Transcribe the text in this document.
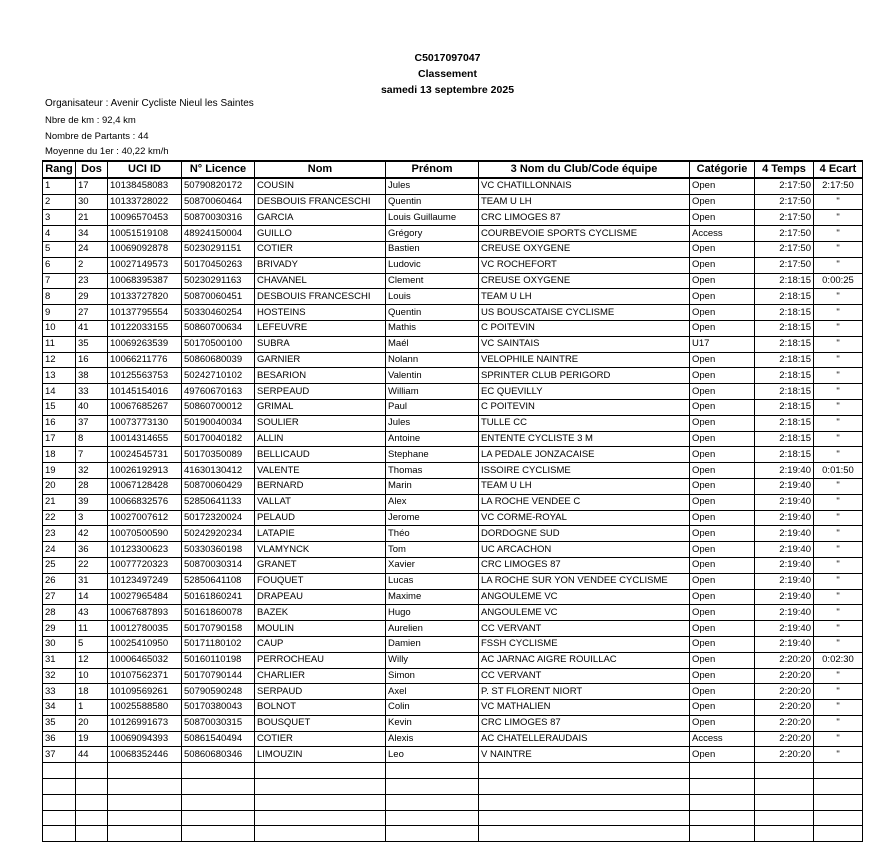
C5017097047
Classement
samedi 13 septembre 2025
Organisateur : Avenir Cycliste Nieul les Saintes
Nbre de km : 92,4 km
Nombre de Partants : 44
Moyenne du 1er : 40,22 km/h
Rang	Dos	UCI ID	N° Licence	Nom	Prénom	3 Nom du Club/Code équipe	Catégorie	4 Temps	4 Ecart
1	17	10138458083	50790820172	COUSIN	Jules	VC CHATILLONNAIS	Open	2:17:50	2:17:50
2	30	10133728022	50870060464	DESBOUIS FRANCESCHI	Quentin	TEAM U LH	Open	2:17:50	"
3	21	10096570453	50870030316	GARCIA	Louis Guillaume	CRC LIMOGES 87	Open	2:17:50	"
4	34	10051519108	48924150004	GUILLO	Grégory	COURBEVOIE SPORTS CYCLISME	Access	2:17:50	"
5	24	10069092878	50230291151	COTIER	Bastien	CREUSE OXYGENE	Open	2:17:50	"
6	2	10027149573	50170450263	BRIVADY	Ludovic	VC ROCHEFORT	Open	2:17:50	"
7	23	10068395387	50230291163	CHAVANEL	Clement	CREUSE OXYGENE	Open	2:18:15	0:00:25
8	29	10133727820	50870060451	DESBOUIS FRANCESCHI	Louis	TEAM U LH	Open	2:18:15	"
9	27	10137795554	50330460254	HOSTEINS	Quentin	US BOUSCATAISE CYCLISME	Open	2:18:15	"
10	41	10122033155	50860700634	LEFEUVRE	Mathis	C POITEVIN	Open	2:18:15	"
11	35	10069263539	50170500100	SUBRA	Maél	VC SAINTAIS	U17	2:18:15	"
12	16	10066211776	50860680039	GARNIER	Nolann	VELOPHILE NAINTRE	Open	2:18:15	"
13	38	10125563753	50242710102	BESARION	Valentin	SPRINTER CLUB PERIGORD	Open	2:18:15	"
14	33	10145154016	49760670163	SERPEAUD	William	EC QUEVILLY	Open	2:18:15	"
15	40	10067685267	50860700012	GRIMAL	Paul	C POITEVIN	Open	2:18:15	"
16	37	10073773130	50190040034	SOULIER	Jules	TULLE CC	Open	2:18:15	"
17	8	10014314655	50170040182	ALLIN	Antoine	ENTENTE CYCLISTE 3 M	Open	2:18:15	"
18	7	10024545731	50170350089	BELLICAUD	Stephane	LA PEDALE JONZACAISE	Open	2:18:15	"
19	32	10026192913	41630130412	VALENTE	Thomas	ISSOIRE CYCLISME	Open	2:19:40	0:01:50
20	28	10067128428	50870060429	BERNARD	Marin	TEAM U LH	Open	2:19:40	"
21	39	10066832576	52850641133	VALLAT	Alex	LA ROCHE VENDEE C	Open	2:19:40	"
22	3	10027007612	50172320024	PELAUD	Jerome	VC CORME-ROYAL	Open	2:19:40	"
23	42	10070500590	50242920234	LATAPIE	Théo	DORDOGNE SUD	Open	2:19:40	"
24	36	10123300623	50330360198	VLAMYNCK	Tom	UC ARCACHON	Open	2:19:40	"
25	22	10077720323	50870030314	GRANET	Xavier	CRC LIMOGES 87	Open	2:19:40	"
26	31	10123497249	52850641108	FOUQUET	Lucas	LA ROCHE SUR YON VENDEE CYCLISME	Open	2:19:40	"
27	14	10027965484	50161860241	DRAPEAU	Maxime	ANGOULEME VC	Open	2:19:40	"
28	43	10067687893	50161860078	BAZEK	Hugo	ANGOULEME VC	Open	2:19:40	"
29	11	10012780035	50170790158	MOULIN	Aurelien	CC VERVANT	Open	2:19:40	"
30	5	10025410950	50171180102	CAUP	Damien	FSSH CYCLISME	Open	2:19:40	"
31	12	10006465032	50160110198	PERROCHEAU	Willy	AC JARNAC AIGRE ROUILLAC	Open	2:20:20	0:02:30
32	10	10107562371	50170790144	CHARLIER	Simon	CC VERVANT	Open	2:20:20	"
33	18	10109569261	50790590248	SERPAUD	Axel	P. ST FLORENT NIORT	Open	2:20:20	"
34	1	10025588580	50170380043	BOLNOT	Colin	VC MATHALIEN	Open	2:20:20	"
35	20	10126991673	50870030315	BOUSQUET	Kevin	CRC LIMOGES 87	Open	2:20:20	"
36	19	10069094393	50861540494	COTIER	Alexis	AC CHATELLERAUDAIS	Access	2:20:20	"
37	44	10068352446	50860680346	LIMOUZIN	Leo	V NAINTRE	Open	2:20:20	"
